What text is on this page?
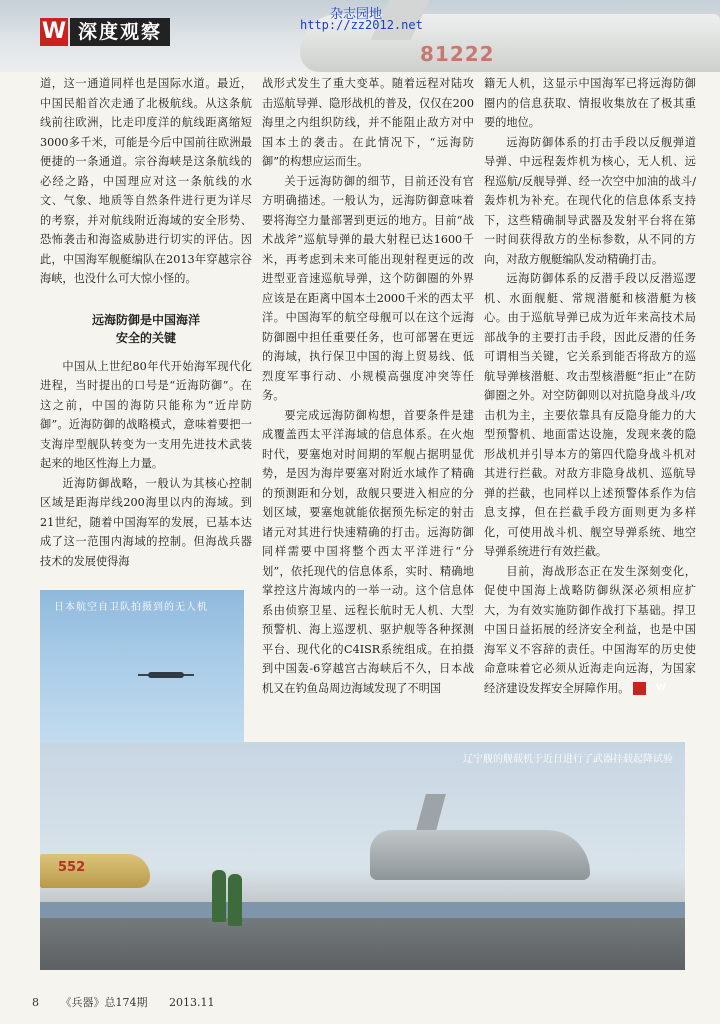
81222
W 深度观察
杂志园地
http://zz2012.net

道，这一通道同样也是国际水道。最近，中国民船首次走通了北极航线。从这条航线前往欧洲，比走印度洋的航线距离缩短3000多千米，可能是今后中国前往欧洲最便捷的一条通道。宗谷海峡是这条航线的必经之路，中国理应对这一条航线的水文、气象、地质等自然条件进行更为详尽的考察，并对航线附近海域的安全形势、恐怖袭击和海盗威胁进行切实的评估。因此，中国海军舰艇编队在2013年穿越宗谷海峡，也没什么可大惊小怪的。

远海防御是中国海洋
安全的关键

中国从上世纪80年代开始海军现代化进程，当时提出的口号是“近海防御”。在这之前，中国的海防只能称为“近岸防御”。近海防御的战略模式，意味着要把一支海岸型舰队转变为一支用先进技术武装起来的地区性海上力量。

近海防御战略，一般认为其核心控制区域是距海岸线200海里以内的海域。到21世纪，随着中国海军的发展，已基本达成了这一范围内海域的控制。但海战兵器技术的发展使得海

战形式发生了重大变革。随着远程对陆攻击巡航导弹、隐形战机的普及，仅仅在200海里之内组织防线，并不能阻止敌方对中国本土的袭击。在此情况下，“远海防御”的构想应运而生。

关于远海防御的细节，目前还没有官方明确描述。一般认为，远海防御意味着要将海空力量部署到更远的地方。目前“战术战斧”巡航导弹的最大射程已达1600千米，再考虑到未来可能出现射程更远的改进型亚音速巡航导弹，这个防御圈的外界应该是在距离中国本土2000千米的西太平洋。中国海军的航空母舰可以在这个远海防御圈中担任重要任务，也可部署在更远的海域，执行保卫中国的海上贸易线、低烈度军事行动、小规模高强度冲突等任务。

要完成远海防御构想，首要条件是建成覆盖西太平洋海域的信息体系。在火炮时代，要塞炮对时间期的军舰占据明显优势，是因为海岸要塞对附近水域作了精确的预测距和分划，敌舰只要进入相应的分划区域，要塞炮就能依据预先标定的射击诸元对其进行快速精确的打击。远海防御同样需要中国将整个西太平洋进行“分划”，依托现代的信息体系，实时、精确地掌控这片海域内的一举一动。这个信息体系由侦察卫星、远程长航时无人机、大型预警机、海上巡逻机、驱护舰等各种探测平台、现代化的C4ISR系统组成。在拍摄到中国轰-6穿越宫古海峡后不久，日本战机又在钓鱼岛周边海域发现了不明国

籍无人机，这显示中国海军已将远海防御圈内的信息获取、情报收集放在了极其重要的地位。

远海防御体系的打击手段以反舰弹道导弹、中远程轰炸机为核心，无人机、远程巡航/反舰导弹、经一次空中加油的战斗/轰炸机为补充。在现代化的信息体系支持下，这些精确制导武器及发射平台将在第一时间获得敌方的坐标参数，从不同的方向，对敌方舰艇编队发动精确打击。

远海防御体系的反潜手段以反潜巡逻机、水面舰艇、常规潜艇和核潜艇为核心。由于巡航导弹已成为近年来高技术局部战争的主要打击手段，因此反潜的任务可谓相当关键，它关系到能否将敌方的巡航导弹核潜艇、攻击型核潜艇“拒止”在防御圈之外。对空防御则以对抗隐身战斗/攻击机为主，主要依靠具有反隐身能力的大型预警机、地面雷达设施，发现来袭的隐形战机并引导本方的第四代隐身战斗机对其进行拦截。对敌方非隐身战机、巡航导弹的拦截，也同样以上述预警体系作为信息支撑，但在拦截手段方面则更为多样化，可使用战斗机、舰空导弹系统、地空导弹系统进行有效拦截。

目前，海战形态正在发生深刻变化，促使中国海上战略防御纵深必须相应扩大，为有效实施防御作战打下基础。捍卫中国日益拓展的经济安全利益，也是中国海军义不容辞的责任。中国海军的历史使命意味着它必须从近海走向远海，为国家经济建设发挥安全屏障作用。	W

日本航空自卫队拍摄到的无人机
552
辽宁舰的舰载机于近日进行了武器挂载起降试验
8 《兵器》总174期 2013.11
